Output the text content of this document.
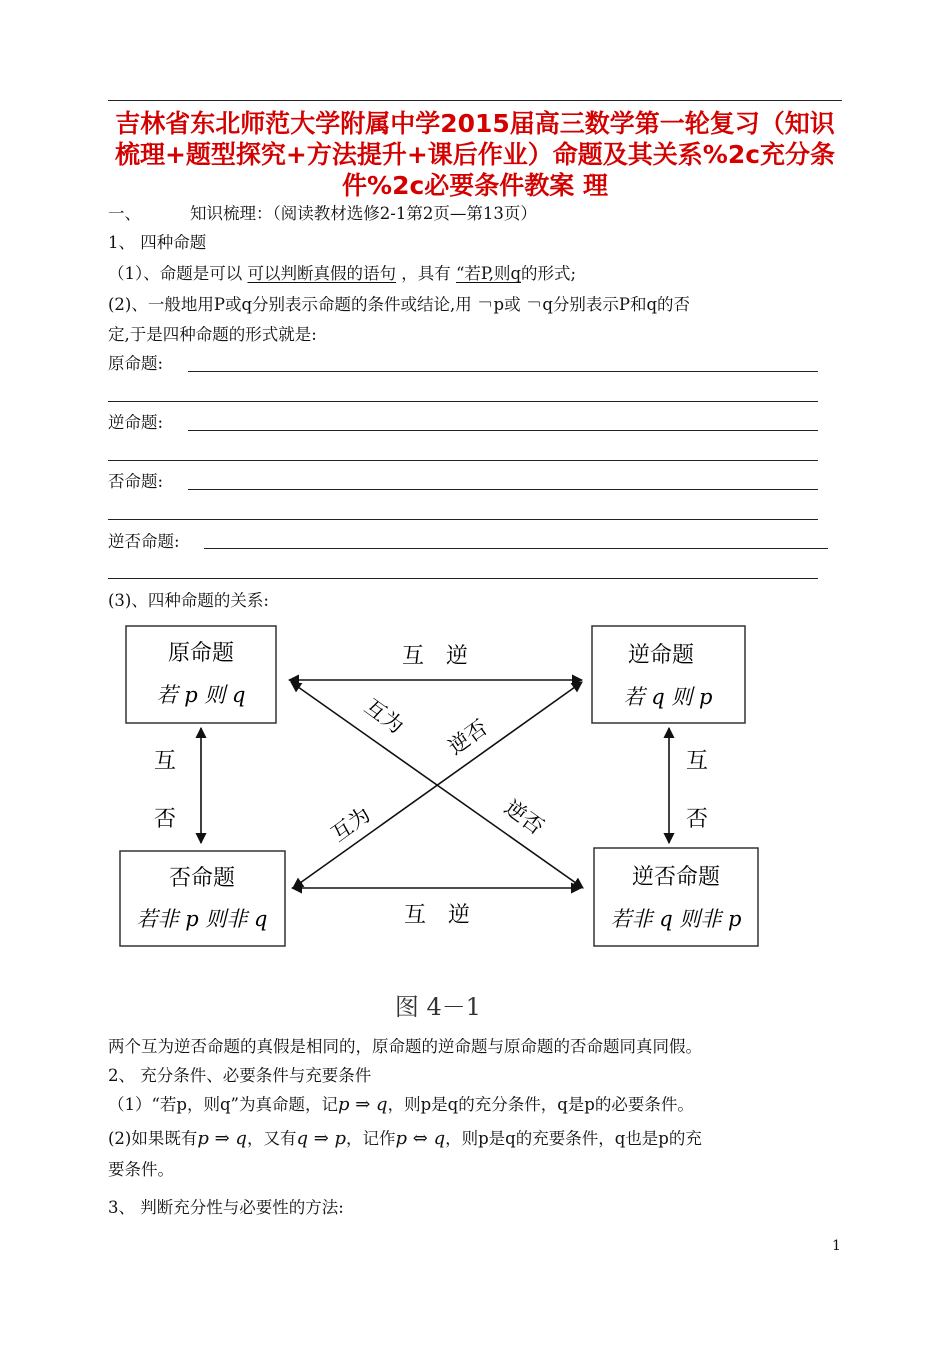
吉林省东北师范大学附属中学2015届高三数学第一轮复习（知识梳理+题型探究+方法提升+课后作业）命题及其关系%2c充分条件%2c必要条件教案 理
一、	知识梳理：（阅读教材选修2-1第2页—第13页）
1、 四种命题
（1）、命题是可以 可以判断真假的语句 ，具有 “若P,则q的形式;
(2)、一般地用P或q分别表示命题的条件或结论,用 ￢p或 ￢q分别表示P和q的否
定,于是四种命题的形式就是:
原命题:
逆命题:
否命题:
逆否命题:
(3)、四种命题的关系:
原命题
若 p 则 q
逆命题
若 q 则 p
否命题
若非 p 则非 q
逆否命题
若非 q 则非 p
互　逆
互　逆
互
否
互
否
互为
逆否
互为
逆否
图 4－1
两个互为逆否命题的真假是相同的，原命题的逆命题与原命题的否命题同真同假。
2、 充分条件、必要条件与充要条件
（1）“若p，则q”为真命题，记p ⇒ q，则p是q的充分条件，q是p的必要条件。
(2)如果既有p ⇒ q，又有q ⇒ p，记作p ⇔ q，则p是q的充要条件，q也是p的充
要条件。
3、 判断充分性与必要性的方法:
1
